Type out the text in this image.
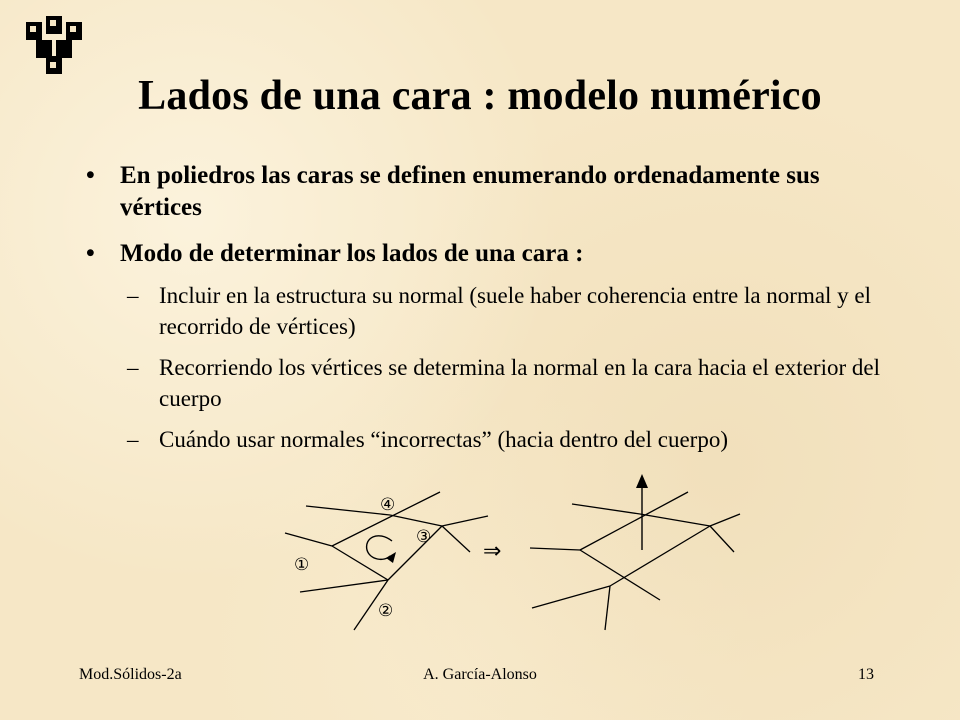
Lados de una cara : modelo numérico
• En poliedros las caras se definen enumerando ordenadamente sus vértices
• Modo de determinar los lados de una cara :
– Incluir en la estructura su normal (suele haber coherencia entre la normal y el recorrido de vértices)
– Recorriendo los vértices se determina la normal en la cara hacia el exterior del cuerpo
– Cuándo usar normales “incorrectas” (hacia dentro del cuerpo)
①
②
③
④
⇒
Mod.Sólidos-2a	A. García-Alonso	13
